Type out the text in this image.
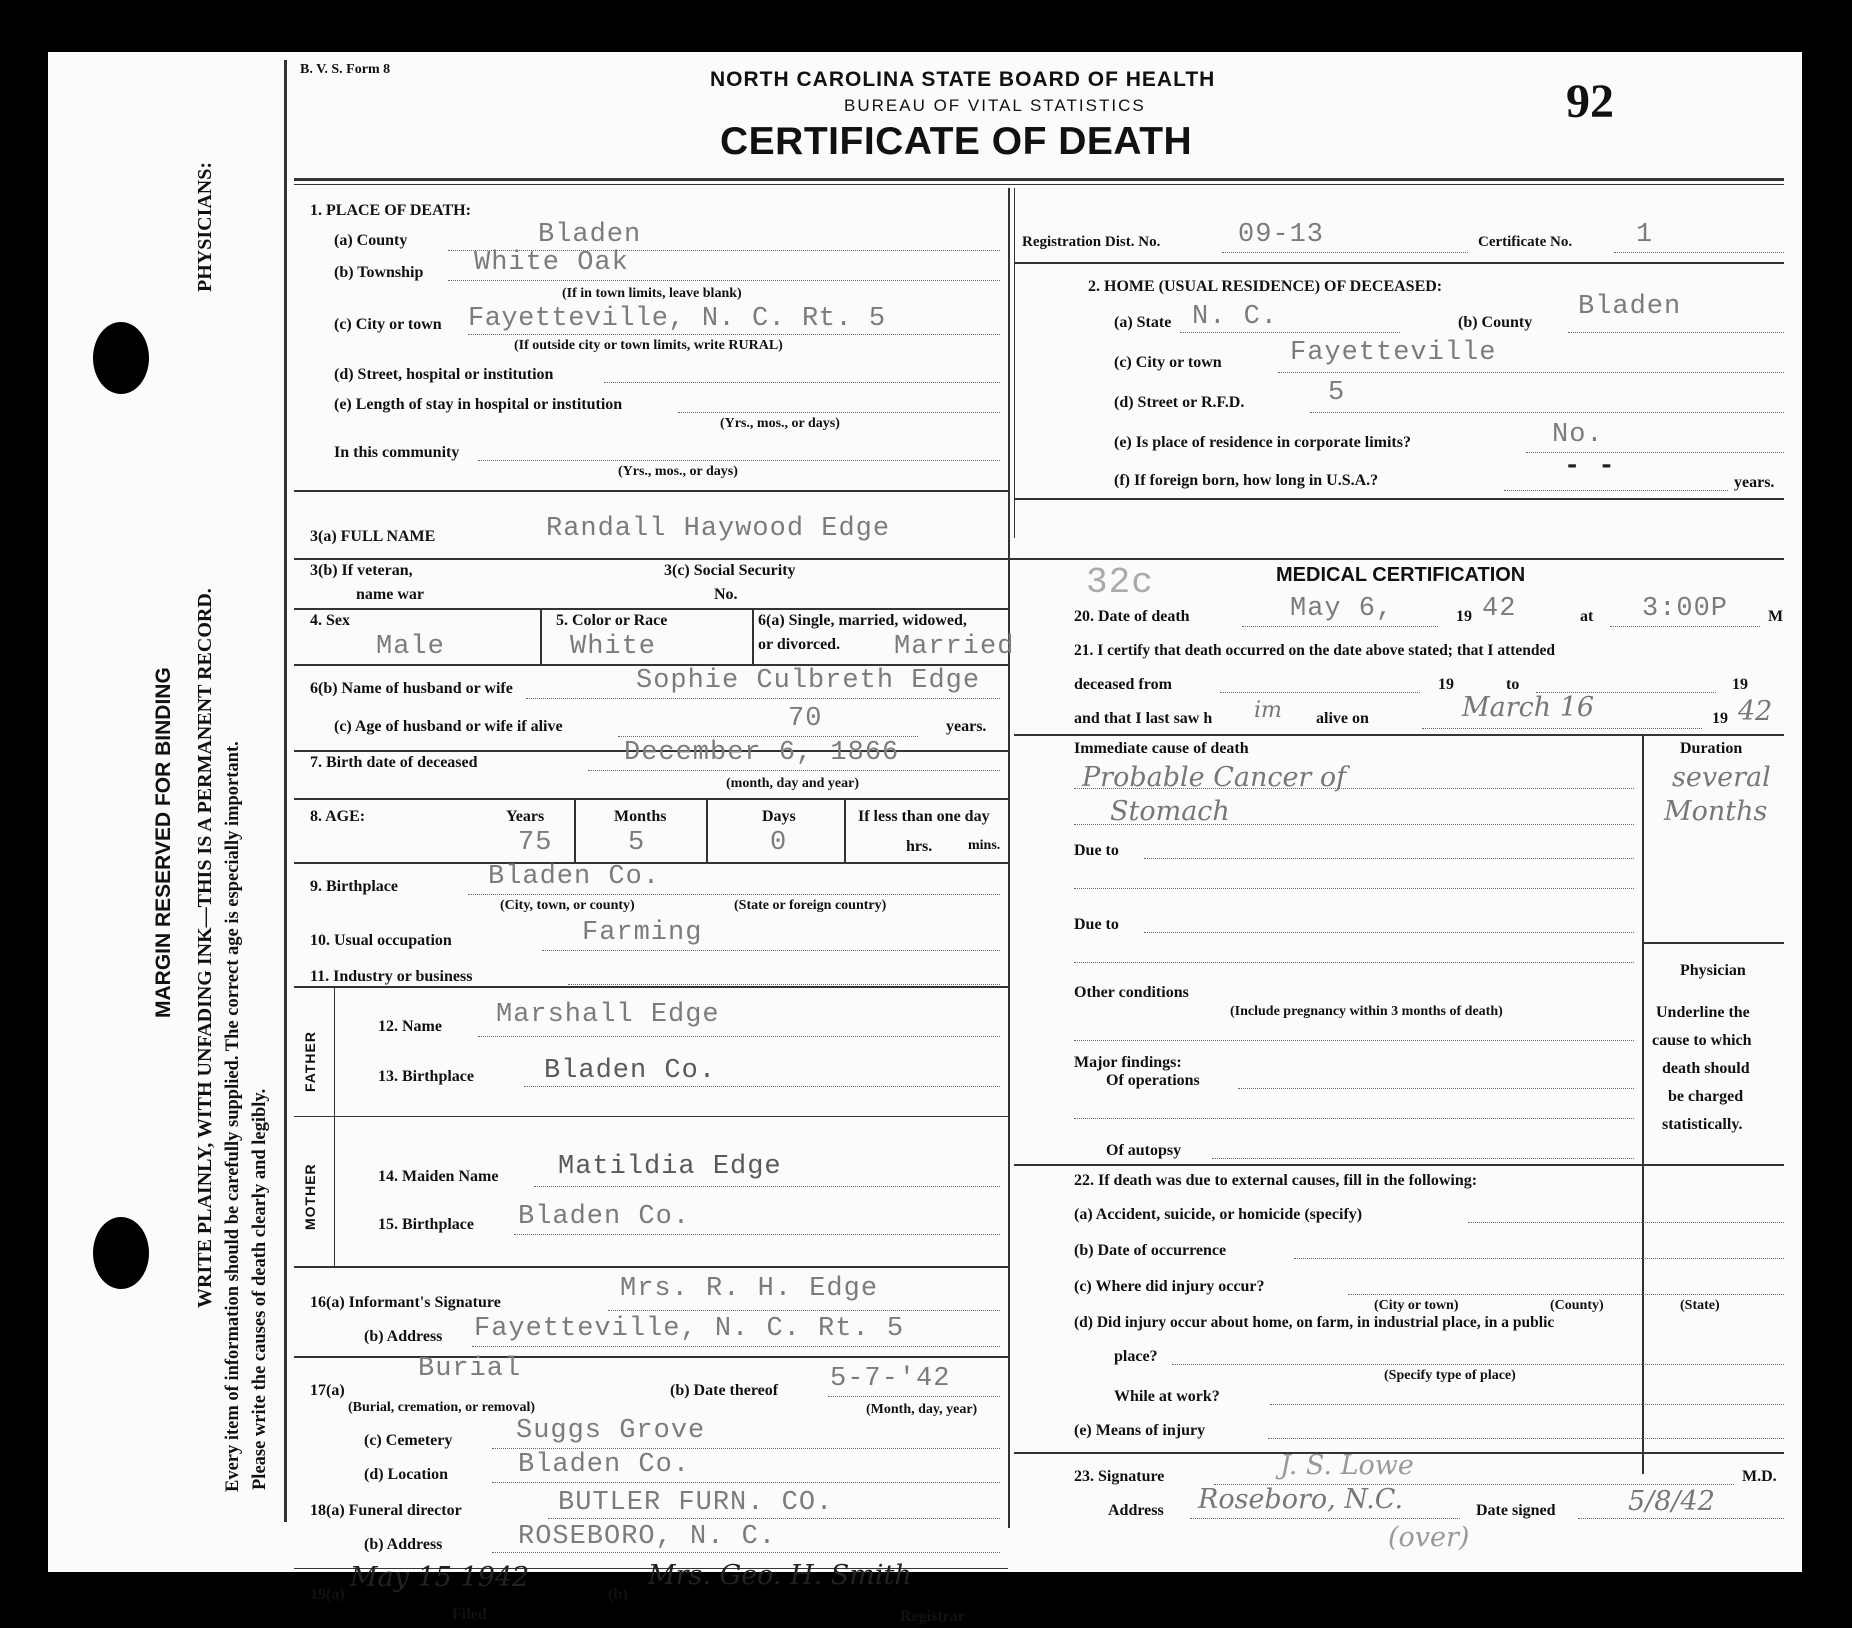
MARGIN RESERVED FOR BINDING WRITE PLAINLY, WITH UNFADING INK—THIS IS A PERMANENT RECORD.
PHYSICIANS:
Every item of information should be carefully supplied. The correct age is especially important. Please write the causes of death clearly and legibly.
B. V. S. Form 8	NORTH CAROLINA STATE BOARD OF HEALTH
BUREAU OF VITAL STATISTICS
CERTIFICATE OF DEATH
92
1. PLACE OF DEATH:
(a) County	Bladen
(b) Township White Oak
(If in town limits, leave blank)
(c) City or town Fayetteville, N. C. Rt. 5
(If outside city or town limits, write RURAL)
(d) Street, hospital or institution
(e) Length of stay in hospital or institution
(Yrs., mos., or days)
In this community
(Yrs., mos., or days)
Registration Dist. No.	09-13	Certificate No. 1
2. HOME (USUAL RESIDENCE) OF DECEASED:
(a) State N. C.	(b) County
Bladen
(c) City or town	Fayetteville
(d) Street or R.F.D.	5
(e) Is place of residence in corporate limits?	No.
(f) If foreign born, how long in U.S.A.?	- -
years.
3(a) FULL NAME	Randall Haywood Edge
3(b) If veteran,
name war
3(c) Social Security
No.	32c	MEDICAL CERTIFICATION
4. Sex
Male
5. Color or Race
White
6(a) Single, married, widowed,
or divorced. Married
6(b) Name of husband or wife	Sophie Culbreth Edge
(c) Age of husband or wife if alive	70	years.
7. Birth date of deceased	December 6, 1866
(month, day and year)
8. AGE:	Years
75
Months
5
Days
0
If less than one day
hrs.	mins.
9. Birthplace	Bladen Co.
(City, town, or county)	(State or foreign country)
10. Usual occupation	Farming
11. Industry or business
FATHER
12. Name Marshall Edge
13. Birthplace	Bladen Co.
MOTHER	14. Maiden Name Matildia Edge
15. Birthplace Bladen Co.
16(a) Informant's Signature	Mrs. R. H. Edge
(b) Address Fayetteville, N. C. Rt. 5
17(a)
Burial
(Burial, cremation, or removal)
(b) Date thereof 5-7-'42
(Month, day, year)
(c) Cemetery Suggs Grove
(d) Location	Bladen Co.
18(a) Funeral director	BUTLER FURN. CO.
(b) Address	ROSEBORO, N. C.
20. Date of death	May 6,	19 42	at 3:00P M
21. I certify that death occurred on the date above stated; that I attended
deceased from	19	to	19
and that I last saw h im alive on	March 16	19 42
Immediate cause of death
Probable Cancer of
Stomach
Duration
several
Months
Due to
Due to
Physician
Underline the
cause to which
death should
be charged
statistically.
Other conditions
(Include pregnancy within 3 months of death)
Major findings:
Of operations
Of autopsy
22. If death was due to external causes, fill in the following:
(a) Accident, suicide, or homicide (specify)
(b) Date of occurrence
(c) Where did injury occur?
(City or town)	(County)	(State)
(d) Did injury occur about home, on farm, in industrial place, in a public
place?
(Specify type of place)
While at work?
(e) Means of injury
23. Signature	J. S. Lowe	M.D.
Address Roseboro, N.C.	Date signed	5/8/42
(over)
19(a)
May 15 1942
(b)
Mrs. Geo. H. Smith
Filed	Registrar
